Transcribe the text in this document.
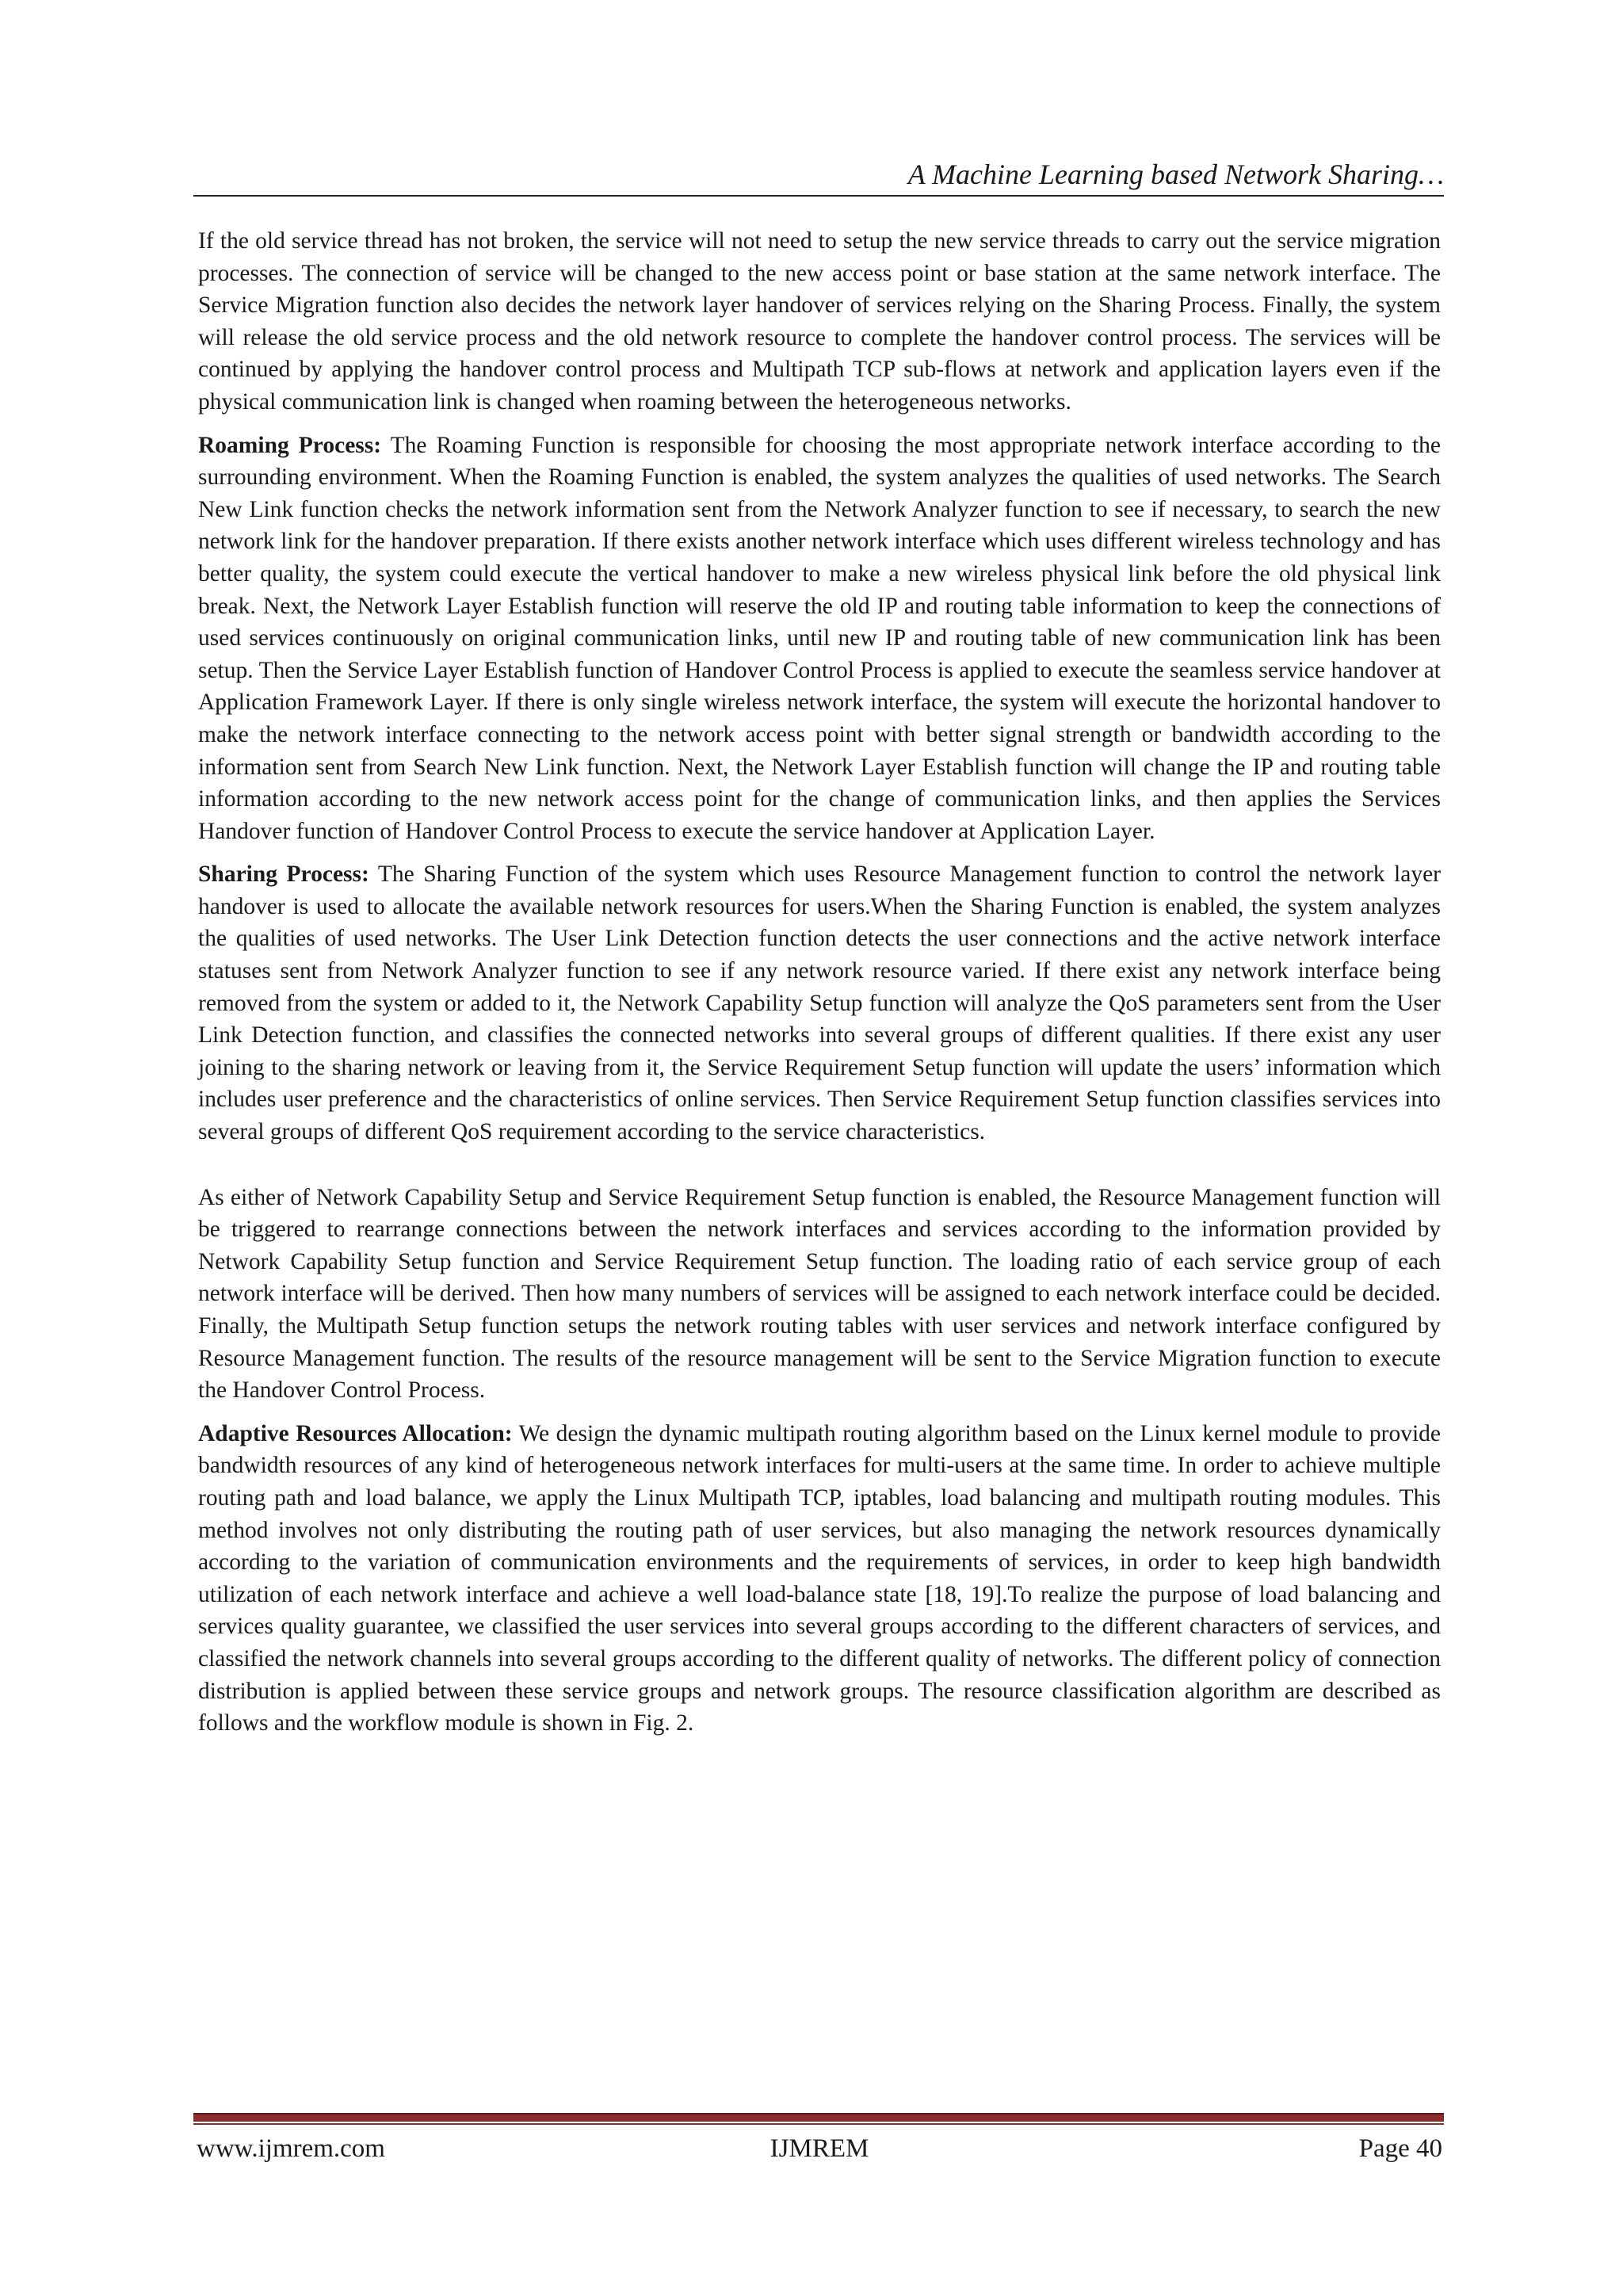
A Machine Learning based Network Sharing…

If the old service thread has not broken, the service will not need to setup the new service threads to carry out the service migration processes. The connection of service will be changed to the new access point or base station at the same network interface. The Service Migration function also decides the network layer handover of services relying on the Sharing Process. Finally, the system will release the old service process and the old network resource to complete the handover control process. The services will be continued by applying the handover control process and Multipath TCP sub-flows at network and application layers even if the physical communication link is changed when roaming between the heterogeneous networks.

Roaming Process: The Roaming Function is responsible for choosing the most appropriate network interface according to the surrounding environment. When the Roaming Function is enabled, the system analyzes the qualities of used networks. The Search New Link function checks the network information sent from the Network Analyzer function to see if necessary, to search the new network link for the handover preparation. If there exists another network interface which uses different wireless technology and has better quality, the system could execute the vertical handover to make a new wireless physical link before the old physical link break. Next, the Network Layer Establish function will reserve the old IP and routing table information to keep the connections of used services continuously on original communication links, until new IP and routing table of new communication link has been setup. Then the Service Layer Establish function of Handover Control Process is applied to execute the seamless service handover at Application Framework Layer. If there is only single wireless network interface, the system will execute the horizontal handover to make the network interface connecting to the network access point with better signal strength or bandwidth according to the information sent from Search New Link function. Next, the Network Layer Establish function will change the IP and routing table information according to the new network access point for the change of communication links, and then applies the Services Handover function of Handover Control Process to execute the service handover at Application Layer.

Sharing Process: The Sharing Function of the system which uses Resource Management function to control the network layer handover is used to allocate the available network resources for users.When the Sharing Function is enabled, the system analyzes the qualities of used networks. The User Link Detection function detects the user connections and the active network interface statuses sent from Network Analyzer function to see if any network resource varied. If there exist any network interface being removed from the system or added to it, the Network Capability Setup function will analyze the QoS parameters sent from the User Link Detection function, and classifies the connected networks into several groups of different qualities. If there exist any user joining to the sharing network or leaving from it, the Service Requirement Setup function will update the users’ information which includes user preference and the characteristics of online services. Then Service Requirement Setup function classifies services into several groups of different QoS requirement according to the service characteristics.

As either of Network Capability Setup and Service Requirement Setup function is enabled, the Resource Management function will be triggered to rearrange connections between the network interfaces and services according to the information provided by Network Capability Setup function and Service Requirement Setup function. The loading ratio of each service group of each network interface will be derived. Then how many numbers of services will be assigned to each network interface could be decided. Finally, the Multipath Setup function setups the network routing tables with user services and network interface configured by Resource Management function. The results of the resource management will be sent to the Service Migration function to execute the Handover Control Process.

Adaptive Resources Allocation: We design the dynamic multipath routing algorithm based on the Linux kernel module to provide bandwidth resources of any kind of heterogeneous network interfaces for multi-users at the same time. In order to achieve multiple routing path and load balance, we apply the Linux Multipath TCP, iptables, load balancing and multipath routing modules. This method involves not only distributing the routing path of user services, but also managing the network resources dynamically according to the variation of communication environments and the requirements of services, in order to keep high bandwidth utilization of each network interface and achieve a well load-balance state [18, 19].To realize the purpose of load balancing and services quality guarantee, we classified the user services into several groups according to the different characters of services, and classified the network channels into several groups according to the different quality of networks. The different policy of connection distribution is applied between these service groups and network groups. The resource classification algorithm are described as follows and the workflow module is shown in Fig. 2.

www.ijmrem.com	IJMREM	Page 40
